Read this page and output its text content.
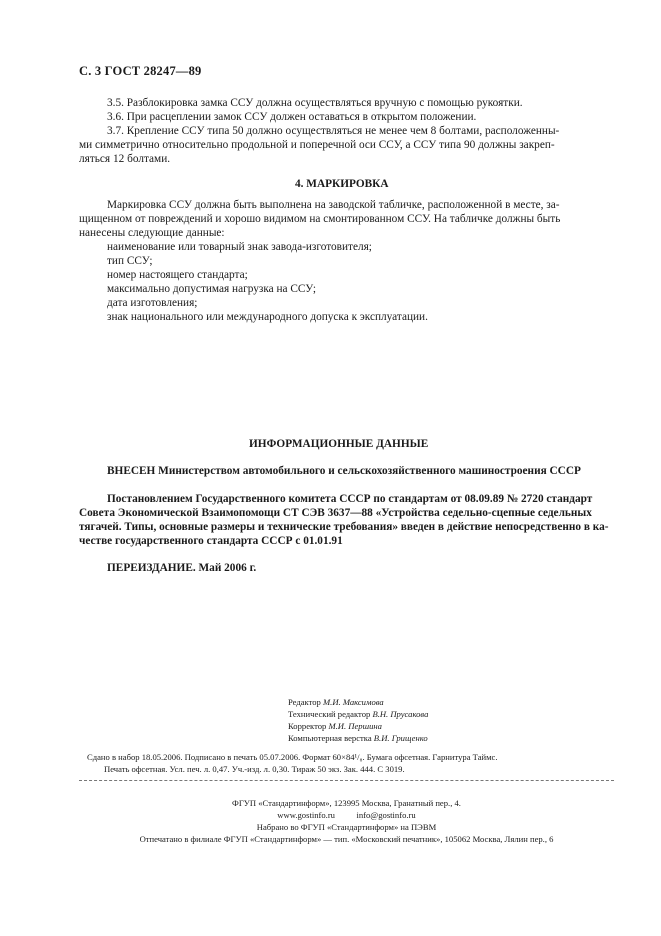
С. 3 ГОСТ 28247—89
3.5. Разблокировка замка ССУ должна осуществляться вручную с помощью рукоятки.
3.6. При расцеплении замок ССУ должен оставаться в открытом положении.
3.7. Крепление ССУ типа 50 должно осуществляться не менее чем 8 болтами, расположенны-
ми симметрично относительно продольной и поперечной оси ССУ, а ССУ типа 90 должны закреп-
ляться 12 болтами.
4. МАРКИРОВКА
Маркировка ССУ должна быть выполнена на заводской табличке, расположенной в месте, за-
щищенном от повреждений и хорошо видимом на смонтированном ССУ. На табличке должны быть
нанесены следующие данные:
наименование или товарный знак завода-изготовителя;
тип ССУ;
номер настоящего стандарта;
максимально допустимая нагрузка на ССУ;
дата изготовления;
знак национального или международного допуска к эксплуатации.
ИНФОРМАЦИОННЫЕ ДАННЫЕ
ВНЕСЕН Министерством автомобильного и сельскохозяйственного машиностроения СССР
Постановлением Государственного комитета СССР по стандартам от 08.09.89 № 2720 стандарт
Совета Экономической Взаимопомощи СТ СЭВ 3637—88 «Устройства седельно-сцепные седельных
тягачей. Типы, основные размеры и технические требования» введен в действие непосредственно в ка-
честве государственного стандарта СССР с 01.01.91
ПЕРЕИЗДАНИЕ. Май 2006 г.
Редактор М.И. Максимова
Технический редактор В.Н. Прусакова
Корректор М.И. Першина
Компьютерная верстка В.И. Грищенко
Сдано в набор 18.05.2006. Подписано в печать 05.07.2006. Формат 60×84¹/₈. Бумага офсетная. Гарнитура Таймс.
Печать офсетная. Усл. печ. л. 0,47. Уч.-изд. л. 0,30. Тираж 50 экз. Зак. 444. С 3019.
ФГУП «Стандартинформ», 123995 Москва, Гранатный пер., 4.
www.gostinfo.ru          info@gostinfo.ru
Набрано во ФГУП «Стандартинформ» на ПЭВМ
Отпечатано в филиале ФГУП «Стандартинформ» — тип. «Московский печатник», 105062 Москва, Лялин пер., 6
